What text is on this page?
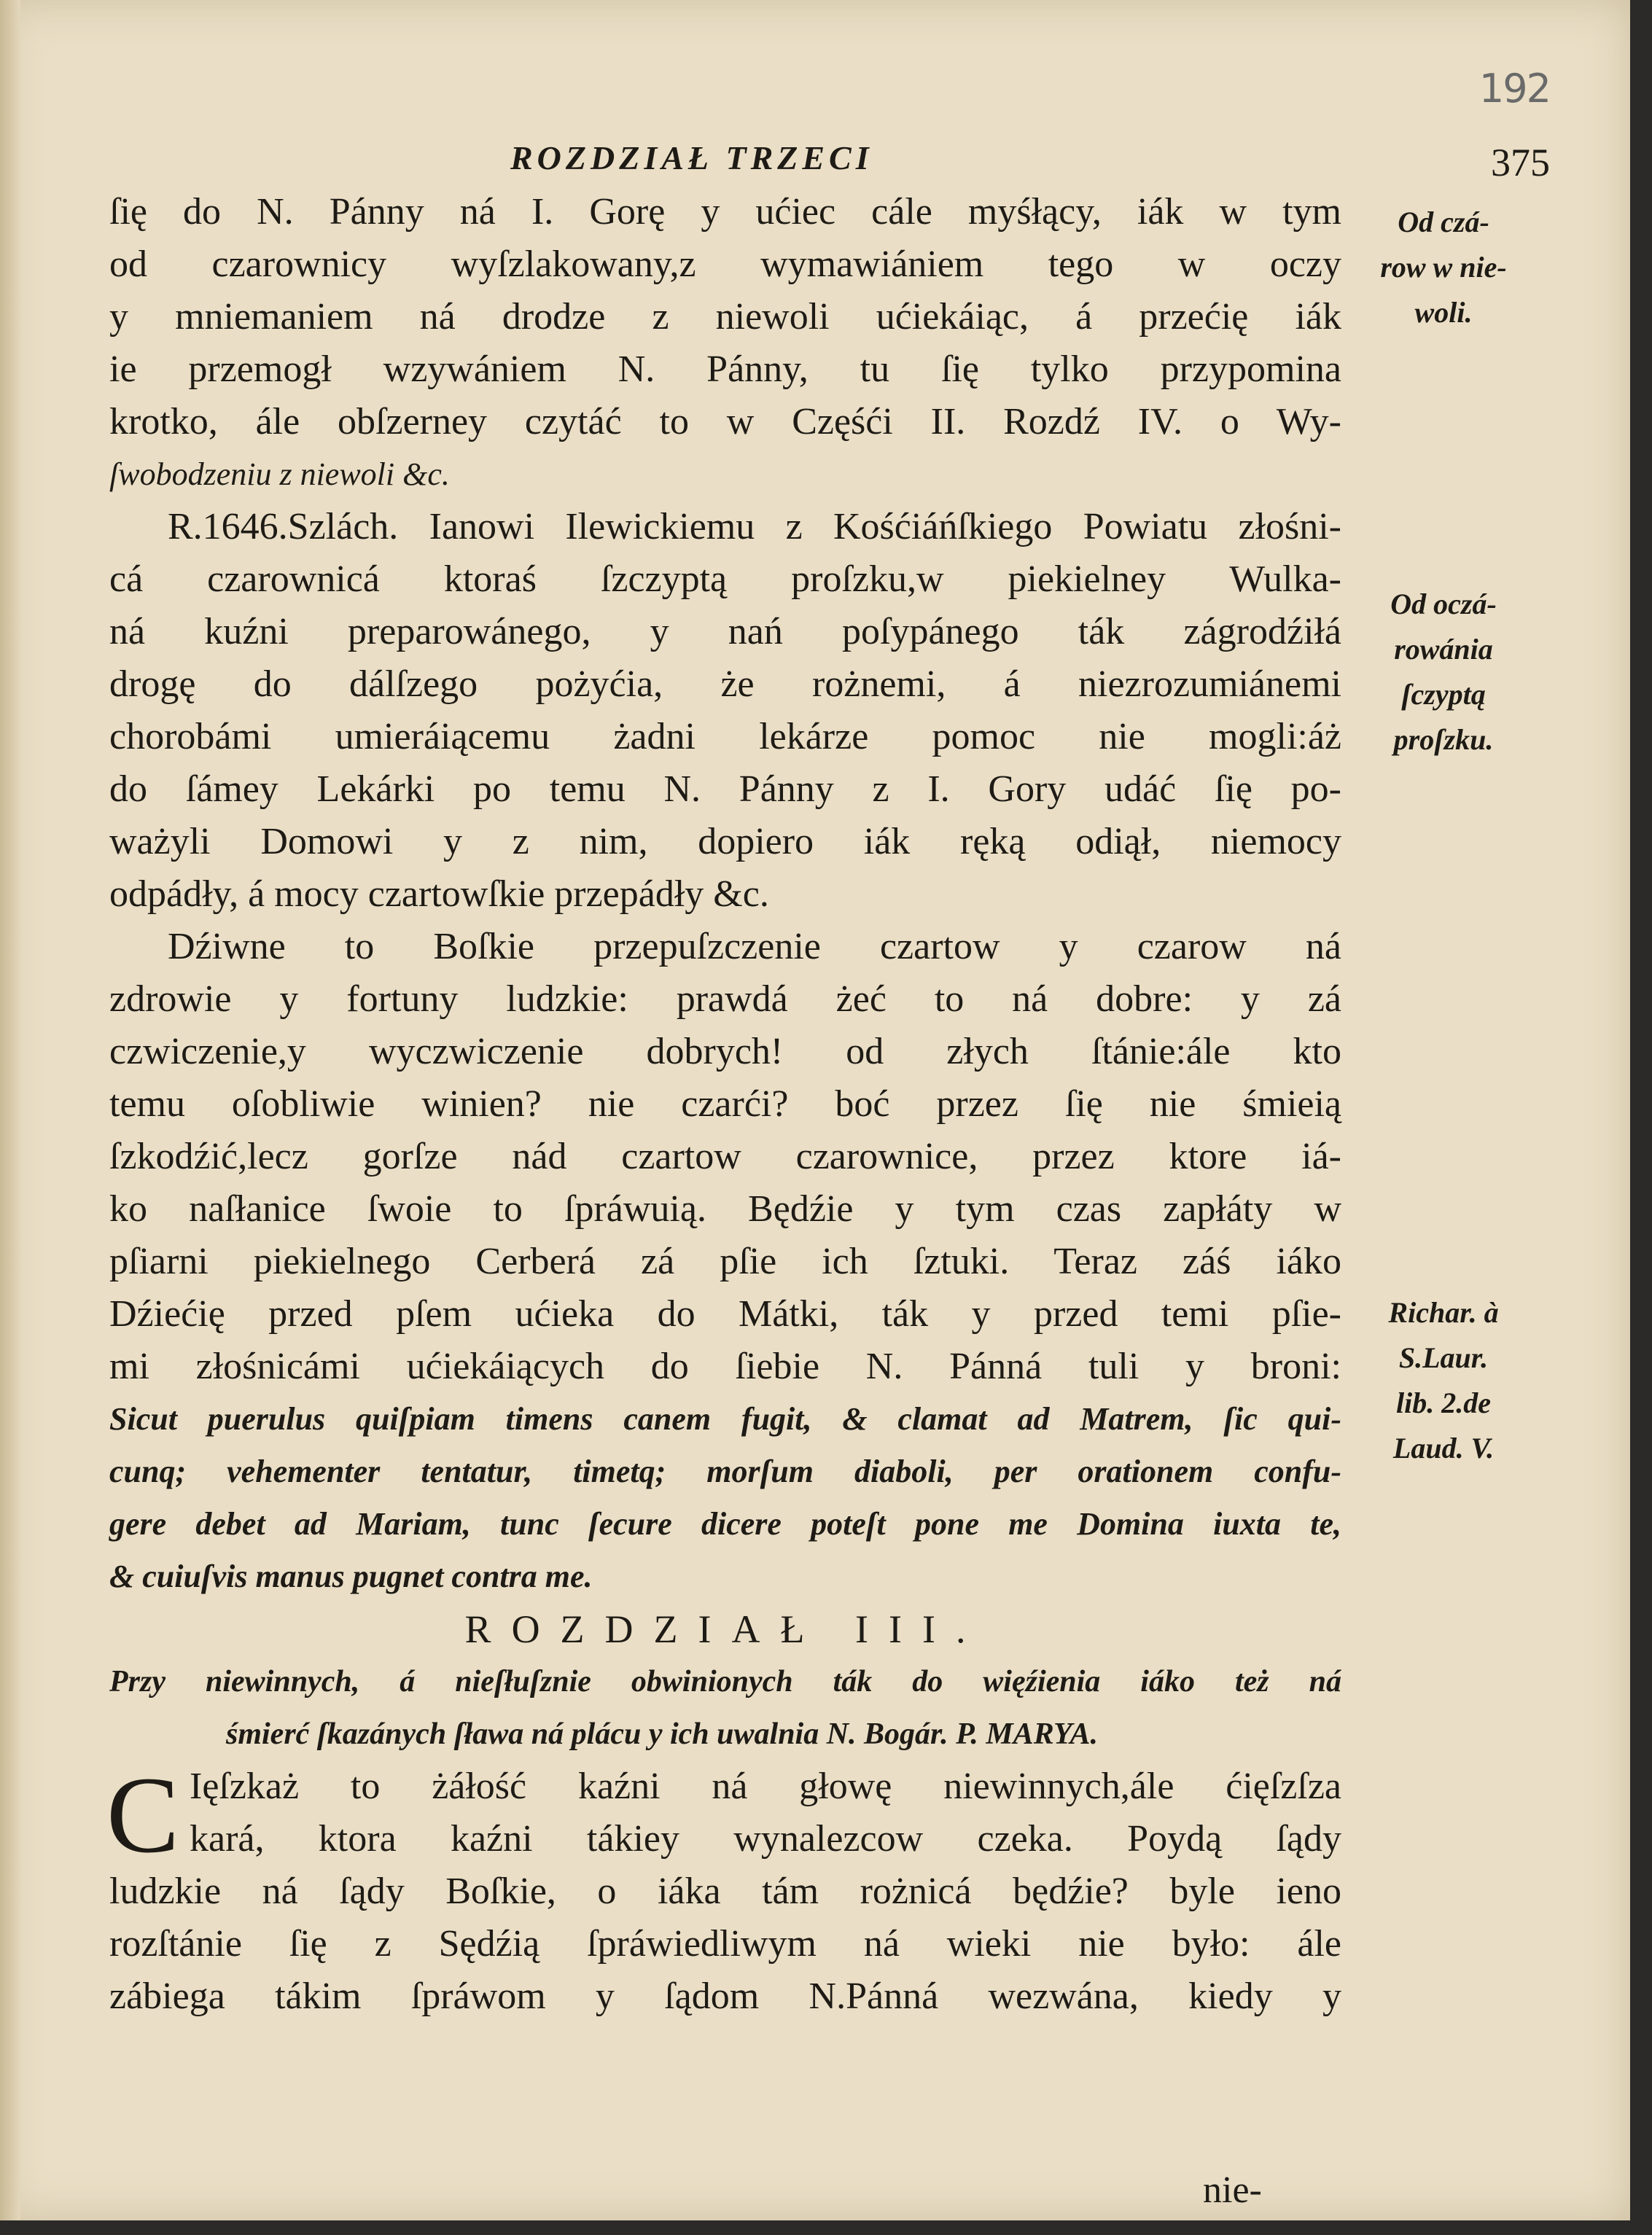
192
ROZDZIAŁ TRZECI	375
ſię do N. Pánny ná I. Gorę y ućiec cále myśłący, iák w tym
od czarownicy wyſzlakowany,z wymawiániem tego w oczy
y mniemaniem ná drodze z niewoli ućiekáiąc, á przećię iák
ie przemogł wzywániem N. Pánny, tu ſię tylko przypomina
krotko, ále obſzerney czytáć to w Częśći II. Rozdź IV. o Wy-
ſwobodzeniu z niewoli &c.
R.1646.Szlách. Ianowi Ilewickiemu z Kośćiáńſkiego Powiatu złośni-
cá czarownicá ktoraś ſzczyptą proſzku,w piekielney Wulka-
ná kuźni preparowánego, y nań poſypánego ták zágrodźiłá
drogę do dálſzego pożyćia, że rożnemi, á niezrozumiánemi
chorobámi umieráiącemu żadni lekárze pomoc nie mogli:áż
do ſámey Lekárki po temu N. Pánny z I. Gory udáć ſię po-
ważyli Domowi y z nim, dopiero iák ręką odiął, niemocy
odpádły, á mocy czartowſkie przepádły &c.
Dźiwne to Boſkie przepuſzczenie czartow y czarow ná
zdrowie y fortuny ludzkie: prawdá żeć to ná dobre: y zá
czwiczenie,y wyczwiczenie dobrych! od złych ſtánie:ále kto
temu oſobliwie winien? nie czarći? boć przez ſię nie śmieią
ſzkodźić,lecz gorſze nád czartow czarownice, przez ktore iá-
ko naſłanice ſwoie to ſpráwuią. Będźie y tym czas zapłáty w
pſiarni piekielnego Cerberá zá pſie ich ſztuki. Teraz záś iáko
Dźiećię przed pſem ućieka do Mátki, ták y przed temi pſie-
mi złośnicámi ućiekáiących do ſiebie N. Pánná tuli y broni:
Sicut puerulus quiſpiam timens canem fugit, & clamat ad Matrem, ſic qui-
cunq; vehementer tentatur, timetq; morſum diaboli, per orationem confu-
gere debet ad Mariam, tunc ſecure dicere poteſt pone me Domina iuxta te,
& cuiuſvis manus pugnet contra me.
ROZDZIAŁ III.
Przy niewinnych, á nieſłuſznie obwinionych ták do więźienia iáko też ná
śmierć ſkazánych ſława ná plácu y ich uwalnia N. Bogár. P. MARYA.
C Ięſzkaż to żáłość kaźni ná głowę niewinnych,ále ćięſzſza
kará, ktora kaźni tákiey wynalezcow czeka. Poydą ſądy
ludzkie ná ſądy Boſkie, o iáka tám rożnicá będźie? byle ieno
rozſtánie ſię z Sędźią ſpráwiedliwym ná wieki nie było: ále
zábiega tákim ſpráwom y ſądom N.Pánná wezwána, kiedy y
nie-
Od czá-
row w nie-
woli.
Od oczá-
rowánia
ſczyptą
proſzku.
Richar. à
S.Laur.
lib. 2.de
Laud. V.
